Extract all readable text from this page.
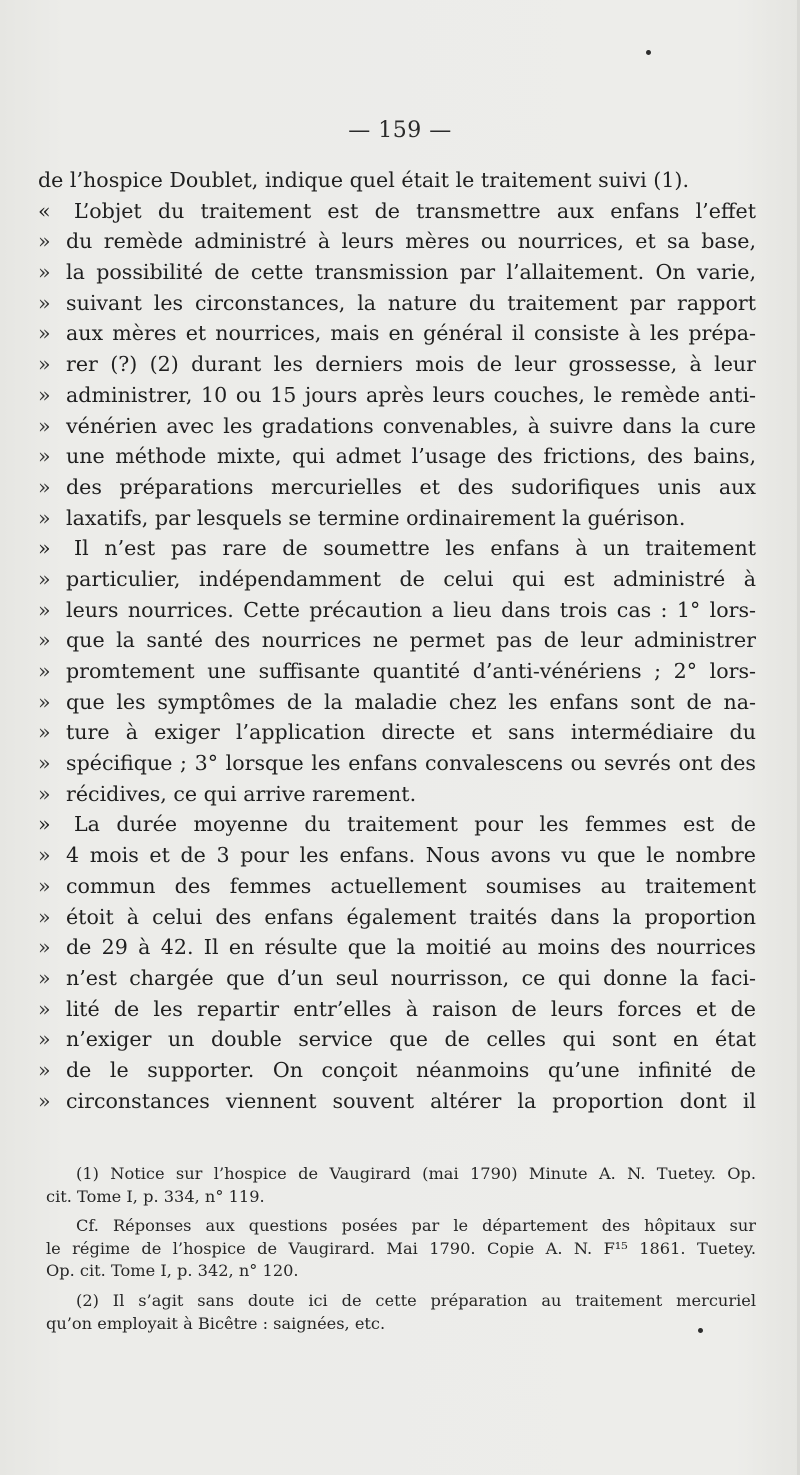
— 159 —
de l’hospice Doublet, indique quel était le traitement suivi (1).
« L’objet du traitement est de transmettre aux enfans l’effet
» du remède administré à leurs mères ou nourrices, et sa base,
» la possibilité de cette transmission par l’allaitement. On varie,
» suivant les circonstances, la nature du traitement par rapport
» aux mères et nourrices, mais en général il consiste à les prépa-
» rer (?) (2) durant les derniers mois de leur grossesse, à leur
» administrer, 10 ou 15 jours après leurs couches, le remède anti-
» vénérien avec les gradations convenables, à suivre dans la cure
» une méthode mixte, qui admet l’usage des frictions, des bains,
» des préparations mercurielles et des sudorifiques unis aux
» laxatifs, par lesquels se termine ordinairement la guérison.
» Il n’est pas rare de soumettre les enfans à un traitement
» particulier, indépendamment de celui qui est administré à
» leurs nourrices. Cette précaution a lieu dans trois cas : 1° lors-
» que la santé des nourrices ne permet pas de leur administrer
» promtement une suffisante quantité d’anti-vénériens ; 2° lors-
» que les symptômes de la maladie chez les enfans sont de na-
» ture à exiger l’application directe et sans intermédiaire du
» spécifique ; 3° lorsque les enfans convalescens ou sevrés ont des
» récidives, ce qui arrive rarement.
» La durée moyenne du traitement pour les femmes est de
» 4 mois et de 3 pour les enfans. Nous avons vu que le nombre
» commun des femmes actuellement soumises au traitement
» étoit à celui des enfans également traités dans la proportion
» de 29 à 42. Il en résulte que la moitié au moins des nourrices
» n’est chargée que d’un seul nourrisson, ce qui donne la faci-
» lité de les repartir entr’elles à raison de leurs forces et de
» n’exiger un double service que de celles qui sont en état
» de le supporter. On conçoit néanmoins qu’une infinité de
» circonstances viennent souvent altérer la proportion dont il
(1) Notice sur l’hospice de Vaugirard (mai 1790) Minute A. N. Tuetey. Op.
cit. Tome I, p. 334, n° 119.
Cf. Réponses aux questions posées par le département des hôpitaux sur
le régime de l’hospice de Vaugirard. Mai 1790. Copie A. N. F¹⁵ 1861. Tuetey.
Op. cit. Tome I, p. 342, n° 120.
(2) Il s’agit sans doute ici de cette préparation au traitement mercuriel
qu’on employait à Bicêtre : saignées, etc.
